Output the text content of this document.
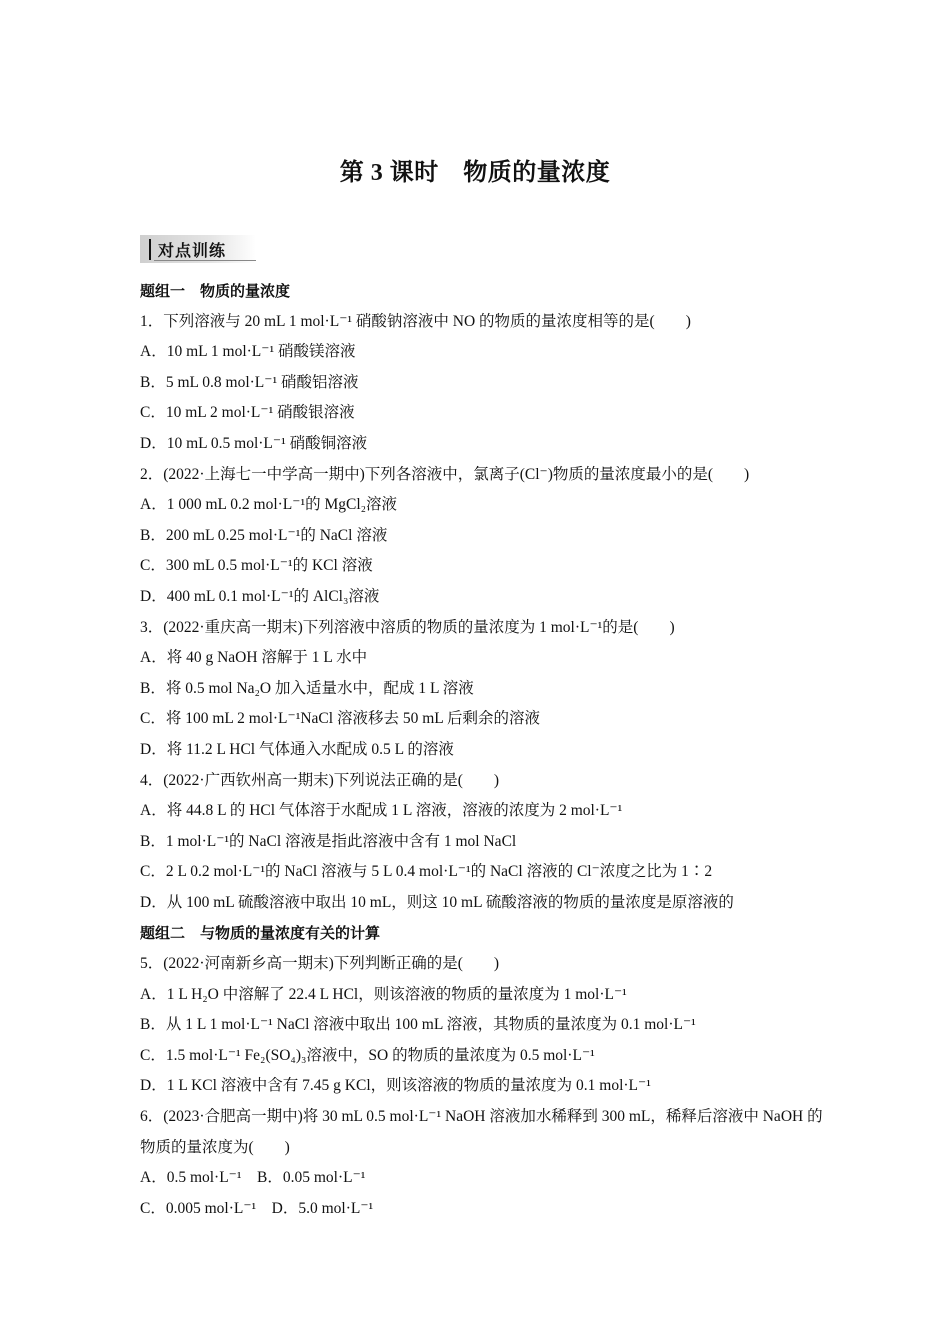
第 3 课时　物质的量浓度
对点训练
题组一　物质的量浓度
1．下列溶液与 20 mL 1 mol·L⁻¹ 硝酸钠溶液中 NO 的物质的量浓度相等的是(　　)
A．10 mL 1 mol·L⁻¹ 硝酸镁溶液
B．5 mL 0.8 mol·L⁻¹ 硝酸铝溶液
C．10 mL 2 mol·L⁻¹ 硝酸银溶液
D．10 mL 0.5 mol·L⁻¹ 硝酸铜溶液
2．(2022·上海七一中学高一期中)下列各溶液中，氯离子(Cl⁻)物质的量浓度最小的是(　　)
A．1 000 mL 0.2 mol·L⁻¹的 MgCl₂溶液
B．200 mL 0.25 mol·L⁻¹的 NaCl 溶液
C．300 mL 0.5 mol·L⁻¹的 KCl 溶液
D．400 mL 0.1 mol·L⁻¹的 AlCl₃溶液
3．(2022·重庆高一期末)下列溶液中溶质的物质的量浓度为 1 mol·L⁻¹的是(　　)
A．将 40 g NaOH 溶解于 1 L 水中
B．将 0.5 mol Na₂O 加入适量水中，配成 1 L 溶液
C．将 100 mL 2 mol·L⁻¹NaCl 溶液移去 50 mL 后剩余的溶液
D．将 11.2 L HCl 气体通入水配成 0.5 L 的溶液
4．(2022·广西钦州高一期末)下列说法正确的是(　　)
A．将 44.8 L 的 HCl 气体溶于水配成 1 L 溶液，溶液的浓度为 2 mol·L⁻¹
B．1 mol·L⁻¹的 NaCl 溶液是指此溶液中含有 1 mol NaCl
C．2 L 0.2 mol·L⁻¹的 NaCl 溶液与 5 L 0.4 mol·L⁻¹的 NaCl 溶液的 Cl⁻浓度之比为 1∶2
D．从 100 mL 硫酸溶液中取出 10 mL，则这 10 mL 硫酸溶液的物质的量浓度是原溶液的
题组二　与物质的量浓度有关的计算
5．(2022·河南新乡高一期末)下列判断正确的是(　　)
A．1 L H₂O 中溶解了 22.4 L HCl，则该溶液的物质的量浓度为 1 mol·L⁻¹
B．从 1 L 1 mol·L⁻¹ NaCl 溶液中取出 100 mL 溶液，其物质的量浓度为 0.1 mol·L⁻¹
C．1.5 mol·L⁻¹ Fe₂(SO₄)₃溶液中，SO 的物质的量浓度为 0.5 mol·L⁻¹
D．1 L KCl 溶液中含有 7.45 g KCl，则该溶液的物质的量浓度为 0.1 mol·L⁻¹
6．(2023·合肥高一期中)将 30 mL 0.5 mol·L⁻¹ NaOH 溶液加水稀释到 300 mL，稀释后溶液中 NaOH 的物质的量浓度为(　　)
A．0.5 mol·L⁻¹　B．0.05 mol·L⁻¹
C．0.005 mol·L⁻¹　D．5.0 mol·L⁻¹
